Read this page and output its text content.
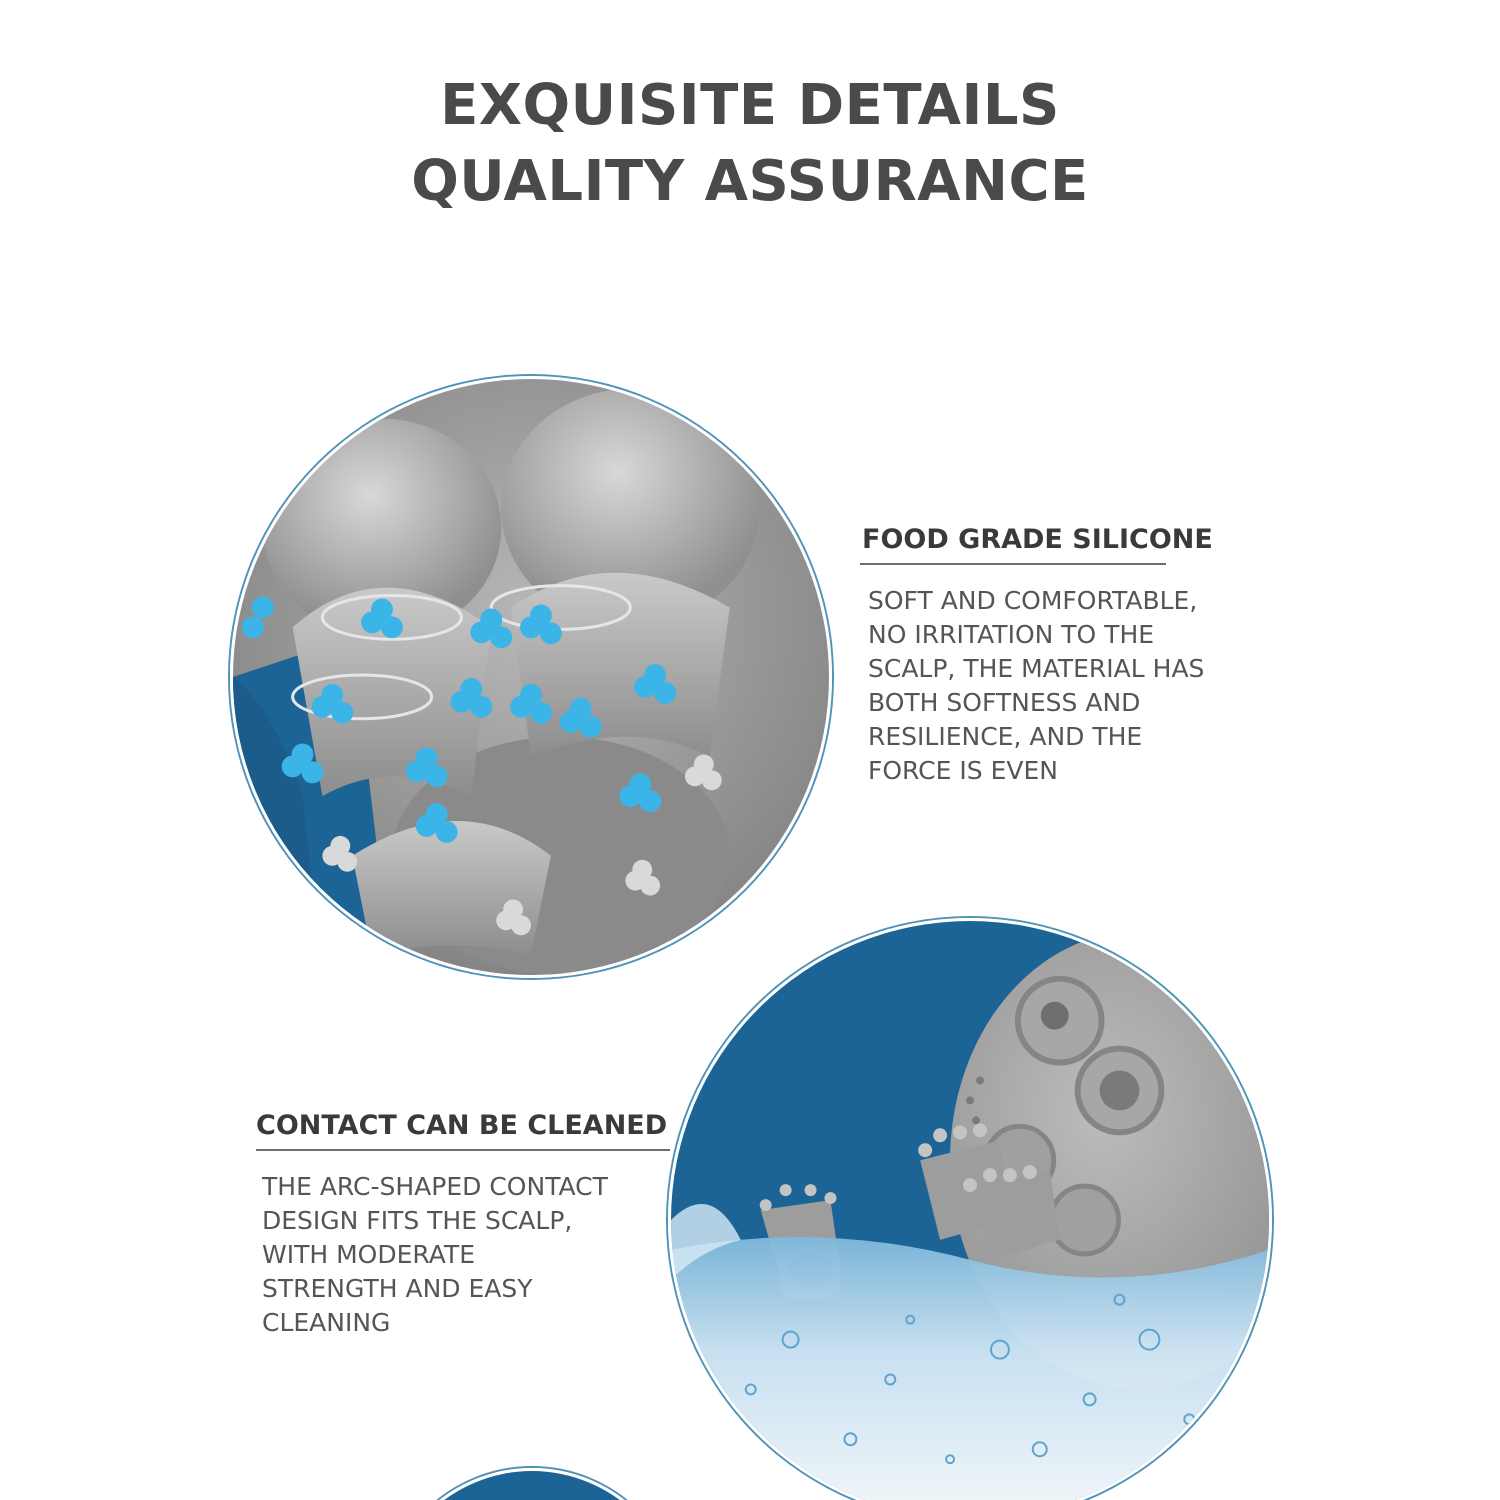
EXQUISITE DETAILS
QUALITY ASSURANCE
FOOD GRADE SILICONE

SOFT AND COMFORTABLE,
NO IRRITATION TO THE
SCALP, THE MATERIAL HAS
BOTH SOFTNESS AND
RESILIENCE, AND THE
FORCE IS EVEN

CONTACT CAN BE CLEANED

THE ARC-SHAPED CONTACT
DESIGN FITS THE SCALP,
WITH MODERATE
STRENGTH AND EASY
CLEANING
